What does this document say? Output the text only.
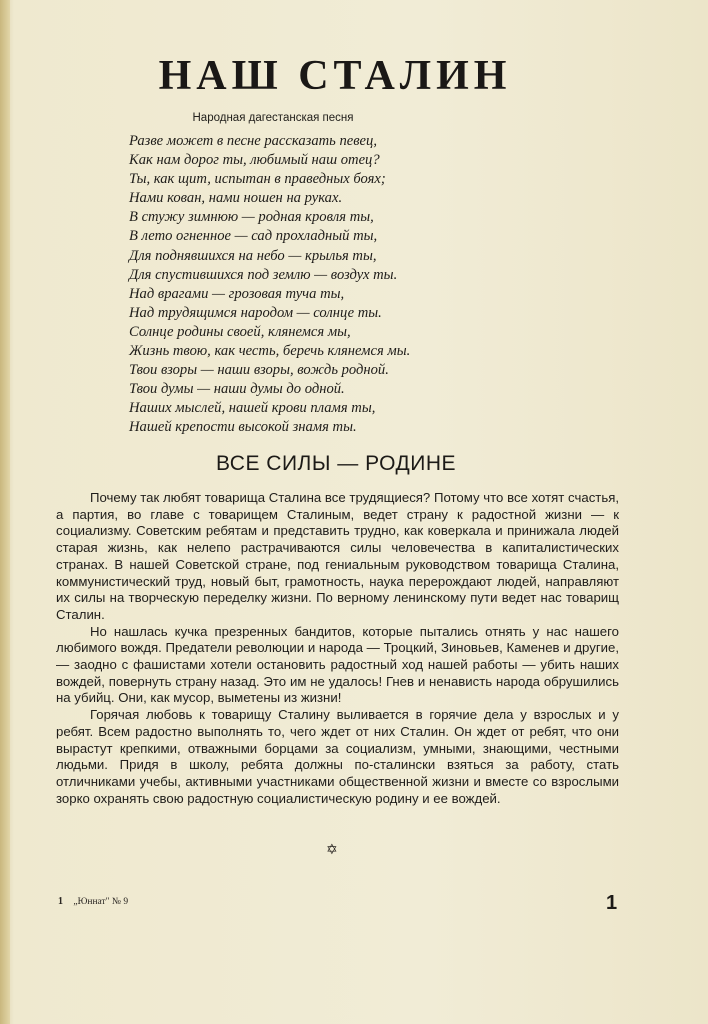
НАШ СТАЛИН
Народная дагестанская песня
Разве может в песне рассказать певец,
Как нам дорог ты, любимый наш отец?
Ты, как щит, испытан в праведных боях;
Нами кован, нами ношен на руках.
В стужу зимнюю — родная кровля ты,
В лето огненное — сад прохладный ты,
Для поднявшихся на небо — крылья ты,
Для спустившихся под землю — воздух ты.
Над врагами — грозовая туча ты,
Над трудящимся народом — солнце ты.
Солнце родины своей, клянемся мы,
Жизнь твою, как честь, беречь клянемся мы.
Твои взоры — наши взоры, вождь родной.
Твои думы — наши думы до одной.
Наших мыслей, нашей крови пламя ты,
Нашей крепости высокой знамя ты.
ВСЕ СИЛЫ — РОДИНЕ

Почему так любят товарища Сталина все трудящиеся? Потому что все хотят счастья, а партия, во главе с товарищем Сталиным, ведет страну к радостной жизни — к социализму. Советским ребятам и представить трудно, как коверкала и принижала людей старая жизнь, как нелепо растрачиваются силы человечества в капиталистических странах. В нашей Советской стране, под гениальным руководством товарища Сталина, коммунистический труд, новый быт, грамотность, наука перерождают людей, направляют их силы на творческую переделку жизни. По верному ленинскому пути ведет нас товарищ Сталин.

Но нашлась кучка презренных бандитов, которые пытались отнять у нас нашего любимого вождя. Предатели революции и народа — Троцкий, Зиновьев, Каменев и другие, — заодно с фашистами хотели остановить радостный ход нашей работы — убить наших вождей, повернуть страну назад. Это им не удалось! Гнев и ненависть народа обрушились на убийц. Они, как мусор, выметены из жизни!

Горячая любовь к товарищу Сталину выливается в горячие дела у взрослых и у ребят. Всем радостно выполнять то, чего ждет от них Сталин. Он ждет от ребят, что они вырастут крепкими, отважными борцами за социализм, умными, знающими, честными людьми. Придя в школу, ребята должны по-сталински взяться за работу, стать отличниками учебы, активными участниками общественной жизни и вместе со взрослыми зорко охранять свою радостную социалистическую родину и ее вождей.

✡
1 „Юннат" № 9	1
